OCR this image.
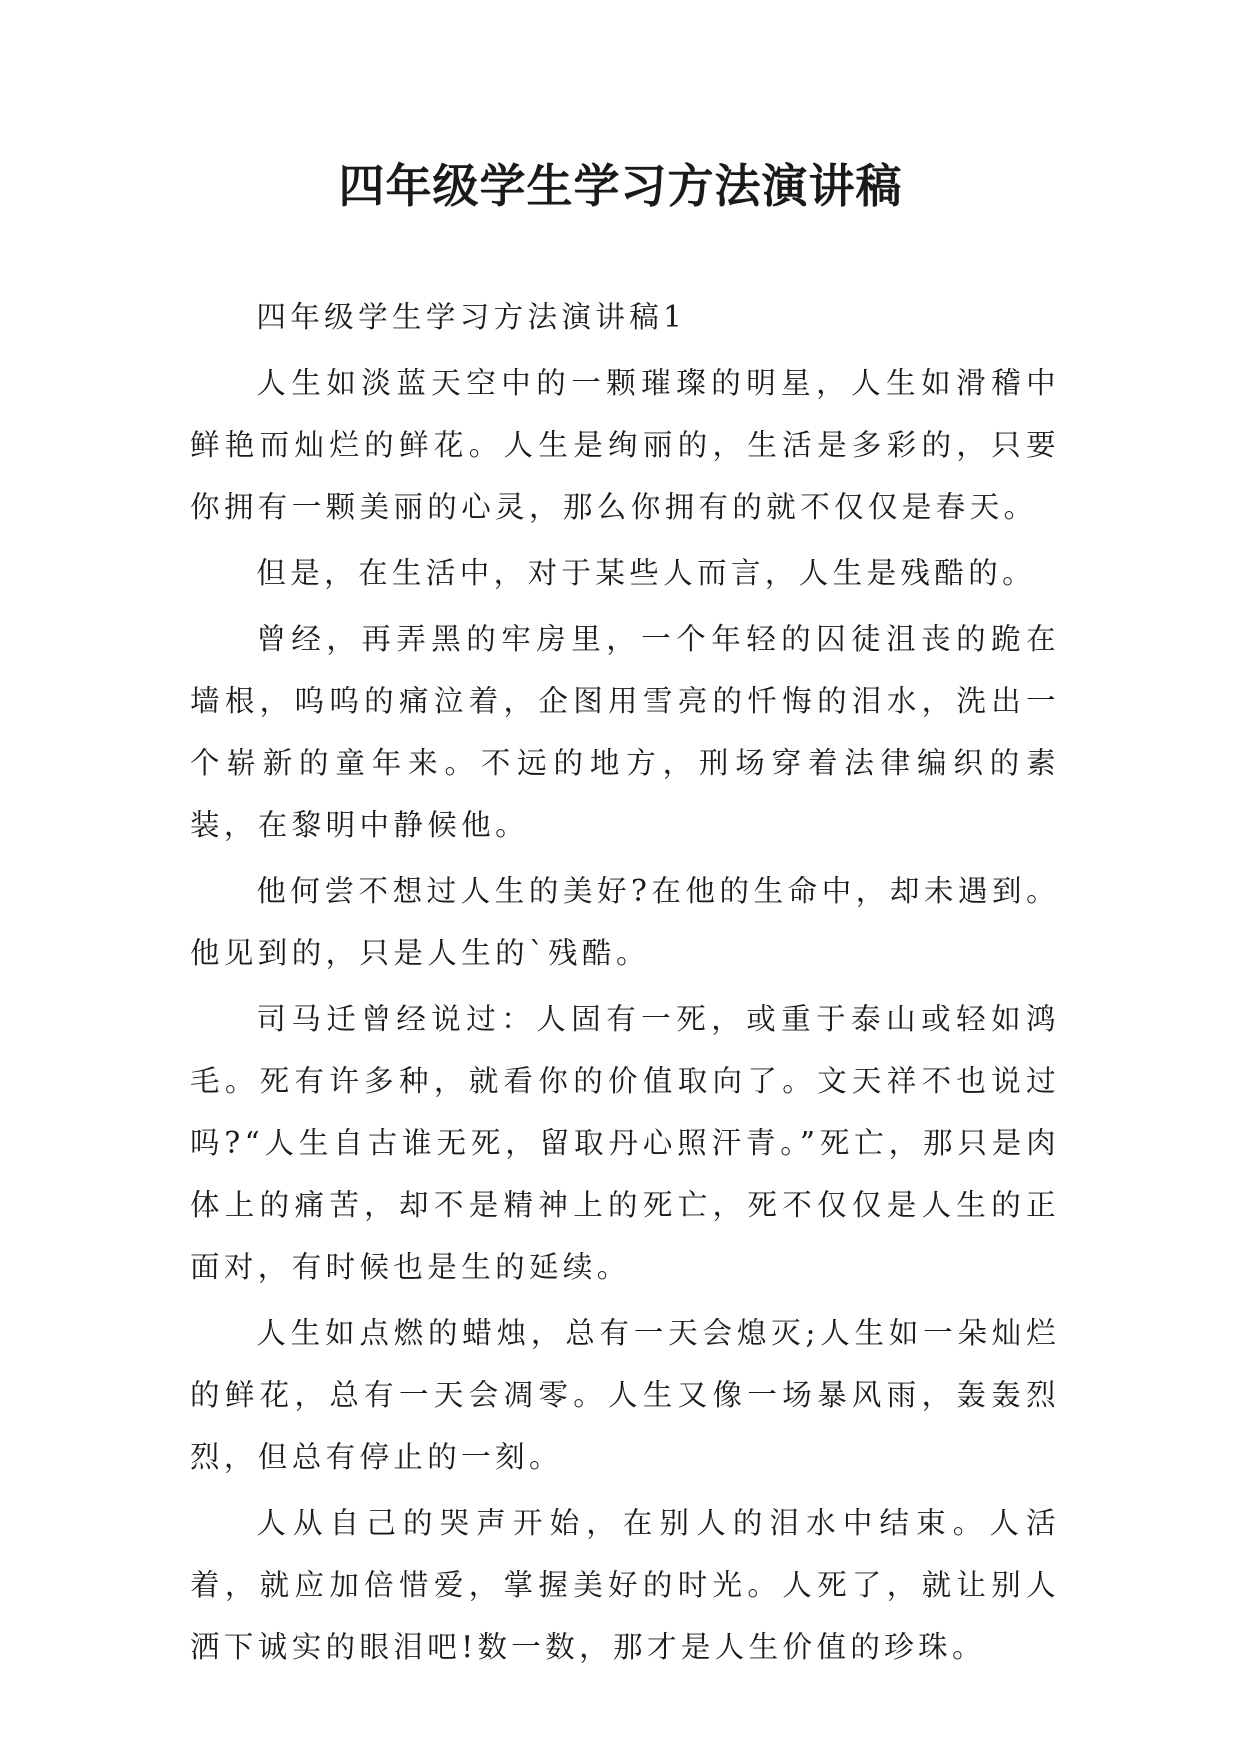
四年级学生学习方法演讲稿

四年级学生学习方法演讲稿1

人生如淡蓝天空中的一颗璀璨的明星，人生如滑稽中鲜艳而灿烂的鲜花。人生是绚丽的，生活是多彩的，只要你拥有一颗美丽的心灵，那么你拥有的就不仅仅是春天。

但是，在生活中，对于某些人而言，人生是残酷的。

曾经，再弄黑的牢房里，一个年轻的囚徒沮丧的跪在墙根，呜呜的痛泣着，企图用雪亮的忏悔的泪水，洗出一个崭新的童年来。不远的地方，刑场穿着法律编织的素装，在黎明中静候他。

他何尝不想过人生的美好?在他的生命中，却未遇到。他见到的，只是人生的`残酷。

司马迁曾经说过：人固有一死，或重于泰山或轻如鸿毛。死有许多种，就看你的价值取向了。文天祥不也说过吗?“人生自古谁无死，留取丹心照汗青。”死亡，那只是肉体上的痛苦，却不是精神上的死亡，死不仅仅是人生的正面对，有时候也是生的延续。

人生如点燃的蜡烛，总有一天会熄灭;人生如一朵灿烂的鲜花，总有一天会凋零。人生又像一场暴风雨，轰轰烈烈，但总有停止的一刻。

人从自己的哭声开始，在别人的泪水中结束。人活着，就应加倍惜爱，掌握美好的时光。人死了，就让别人洒下诚实的眼泪吧!数一数，那才是人生价值的珍珠。
